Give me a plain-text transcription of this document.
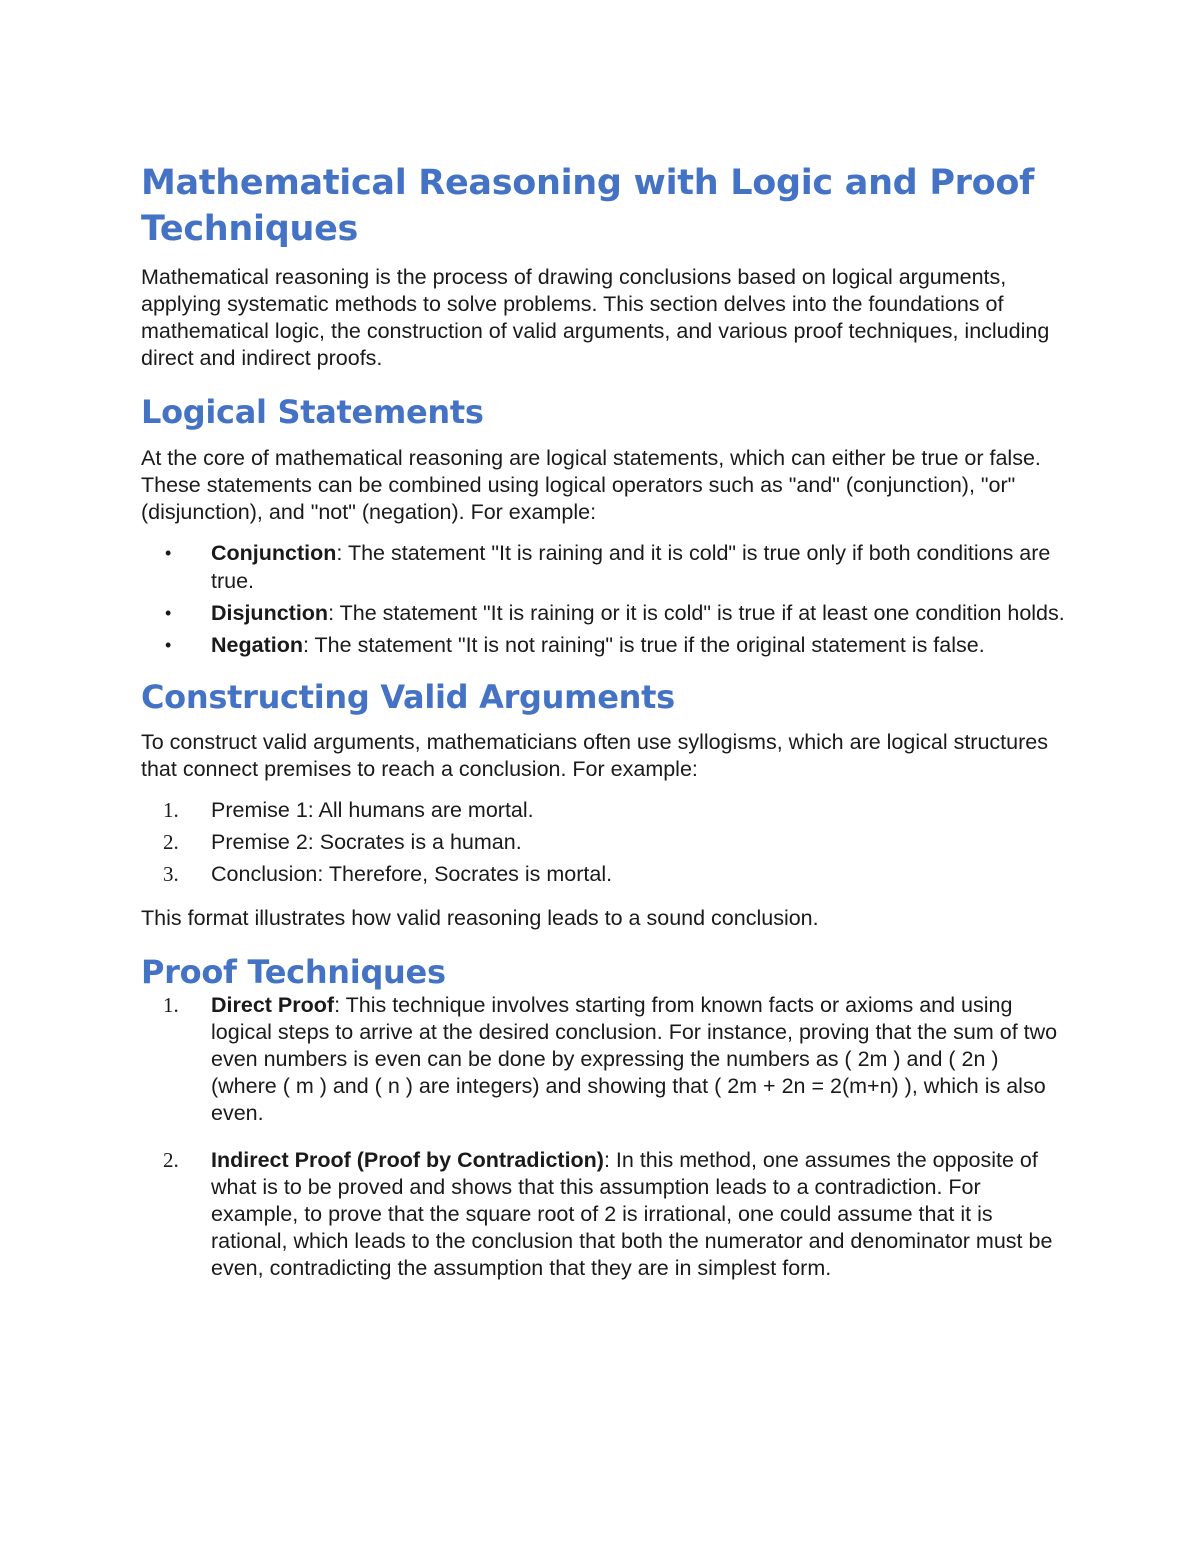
Mathematical Reasoning with Logic and Proof Techniques

Mathematical reasoning is the process of drawing conclusions based on logical arguments, applying systematic methods to solve problems. This section delves into the foundations of mathematical logic, the construction of valid arguments, and various proof techniques, including direct and indirect proofs.

Logical Statements

At the core of mathematical reasoning are logical statements, which can either be true or false. These statements can be combined using logical operators such as "and" (conjunction), "or" (disjunction), and "not" (negation). For example:

• Conjunction: The statement "It is raining and it is cold" is true only if both conditions are true.
• Disjunction: The statement "It is raining or it is cold" is true if at least one condition holds.
• Negation: The statement "It is not raining" is true if the original statement is false.
Constructing Valid Arguments

To construct valid arguments, mathematicians often use syllogisms, which are logical structures that connect premises to reach a conclusion. For example:

1. Premise 1: All humans are mortal.
2. Premise 2: Socrates is a human.
3. Conclusion: Therefore, Socrates is mortal.

This format illustrates how valid reasoning leads to a sound conclusion.

Proof Techniques
1. Direct Proof: This technique involves starting from known facts or axioms and using logical steps to arrive at the desired conclusion. For instance, proving that the sum of two even numbers is even can be done by expressing the numbers as ( 2m ) and ( 2n ) (where ( m ) and ( n ) are integers) and showing that ( 2m + 2n = 2(m+n) ), which is also even.
2. Indirect Proof (Proof by Contradiction): In this method, one assumes the opposite of what is to be proved and shows that this assumption leads to a contradiction. For example, to prove that the square root of 2 is irrational, one could assume that it is rational, which leads to the conclusion that both the numerator and denominator must be even, contradicting the assumption that they are in simplest form.
